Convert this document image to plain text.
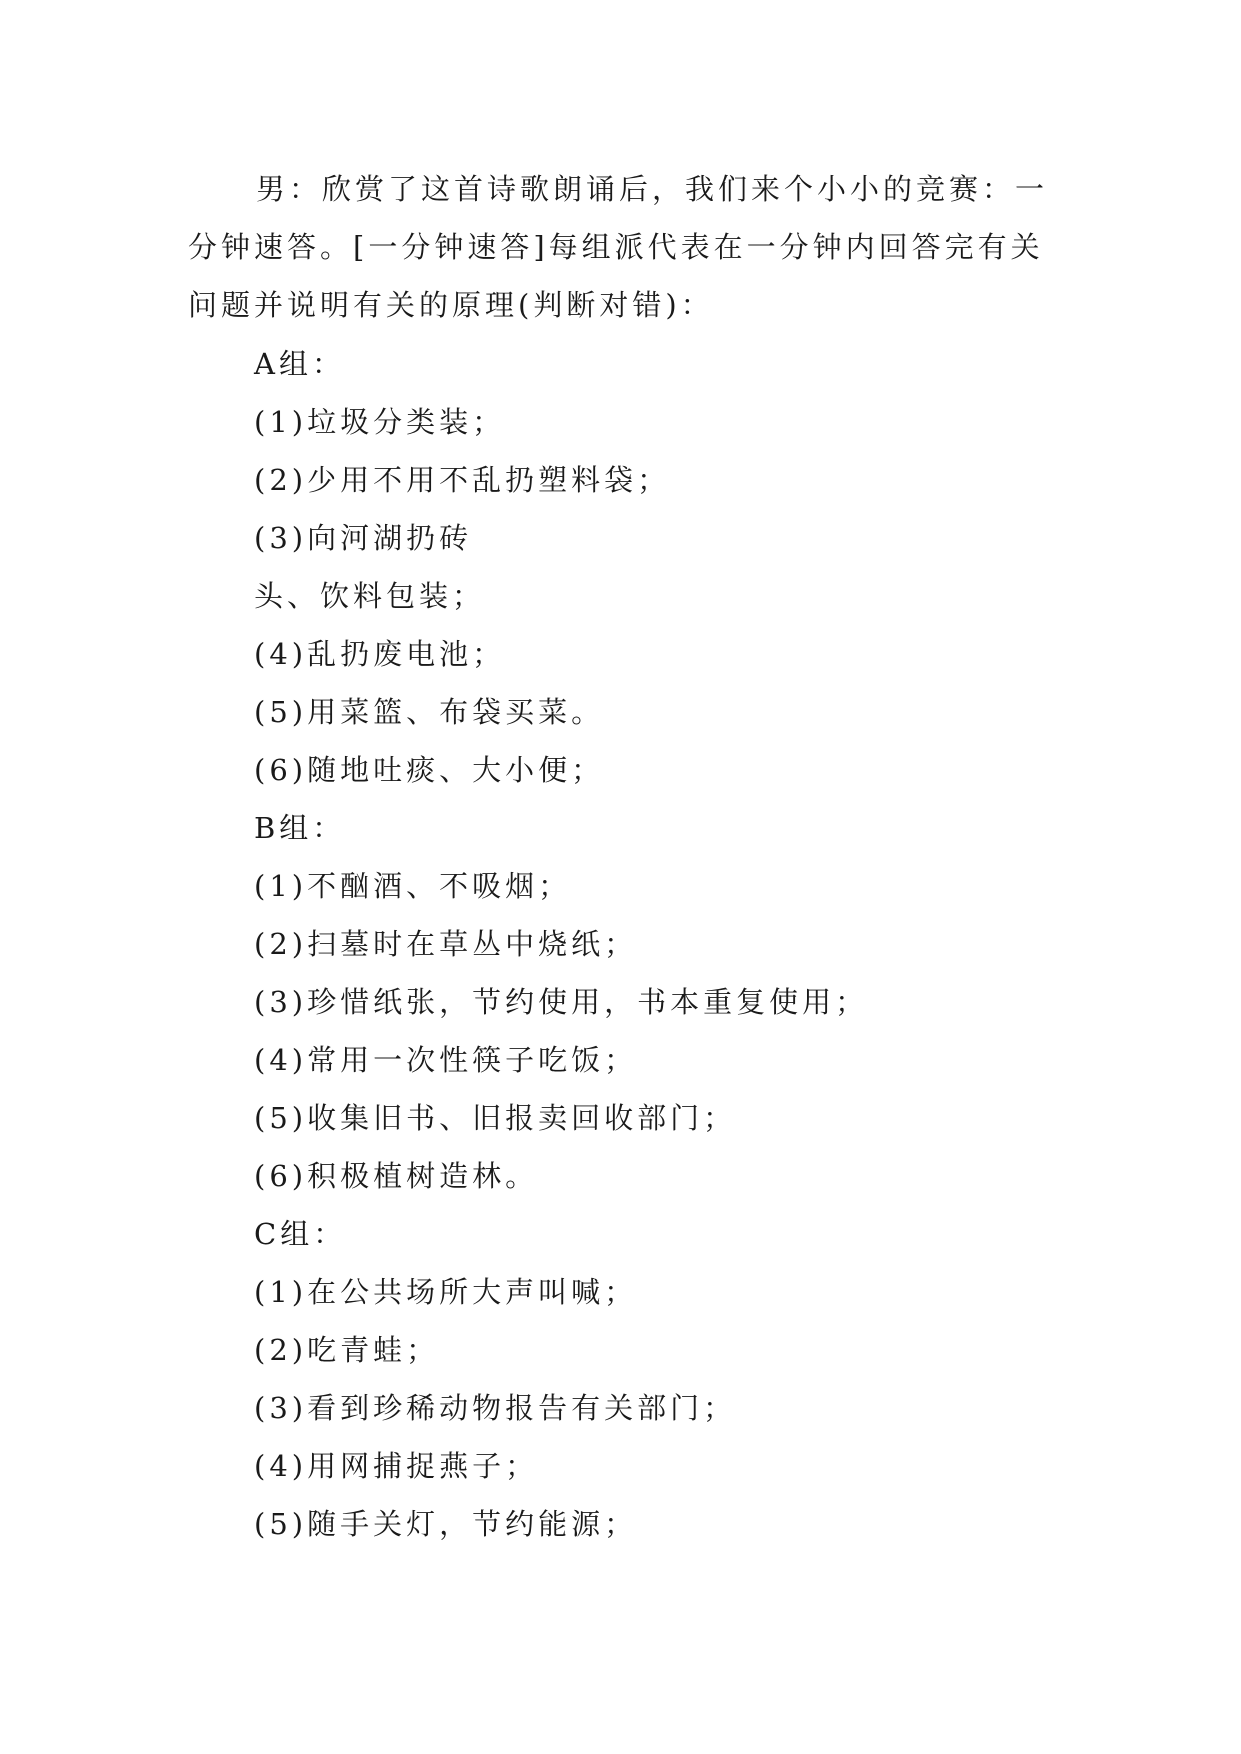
男：欣赏了这首诗歌朗诵后，我们来个小小的竞赛：一分钟速答。[一分钟速答]每组派代表在一分钟内回答完有关问题并说明有关的原理(判断对错)：

A组：
(1)垃圾分类装；
(2)少用不用不乱扔塑料袋；
(3)向河湖扔砖
头、饮料包装；
(4)乱扔废电池；
(5)用菜篮、布袋买菜。
(6)随地吐痰、大小便；
B组：
(1)不酗酒、不吸烟；
(2)扫墓时在草丛中烧纸；
(3)珍惜纸张，节约使用，书本重复使用；
(4)常用一次性筷子吃饭；
(5)收集旧书、旧报卖回收部门；
(6)积极植树造林。
C组：
(1)在公共场所大声叫喊；
(2)吃青蛙；
(3)看到珍稀动物报告有关部门；
(4)用网捕捉燕子；
(5)随手关灯，节约能源；
